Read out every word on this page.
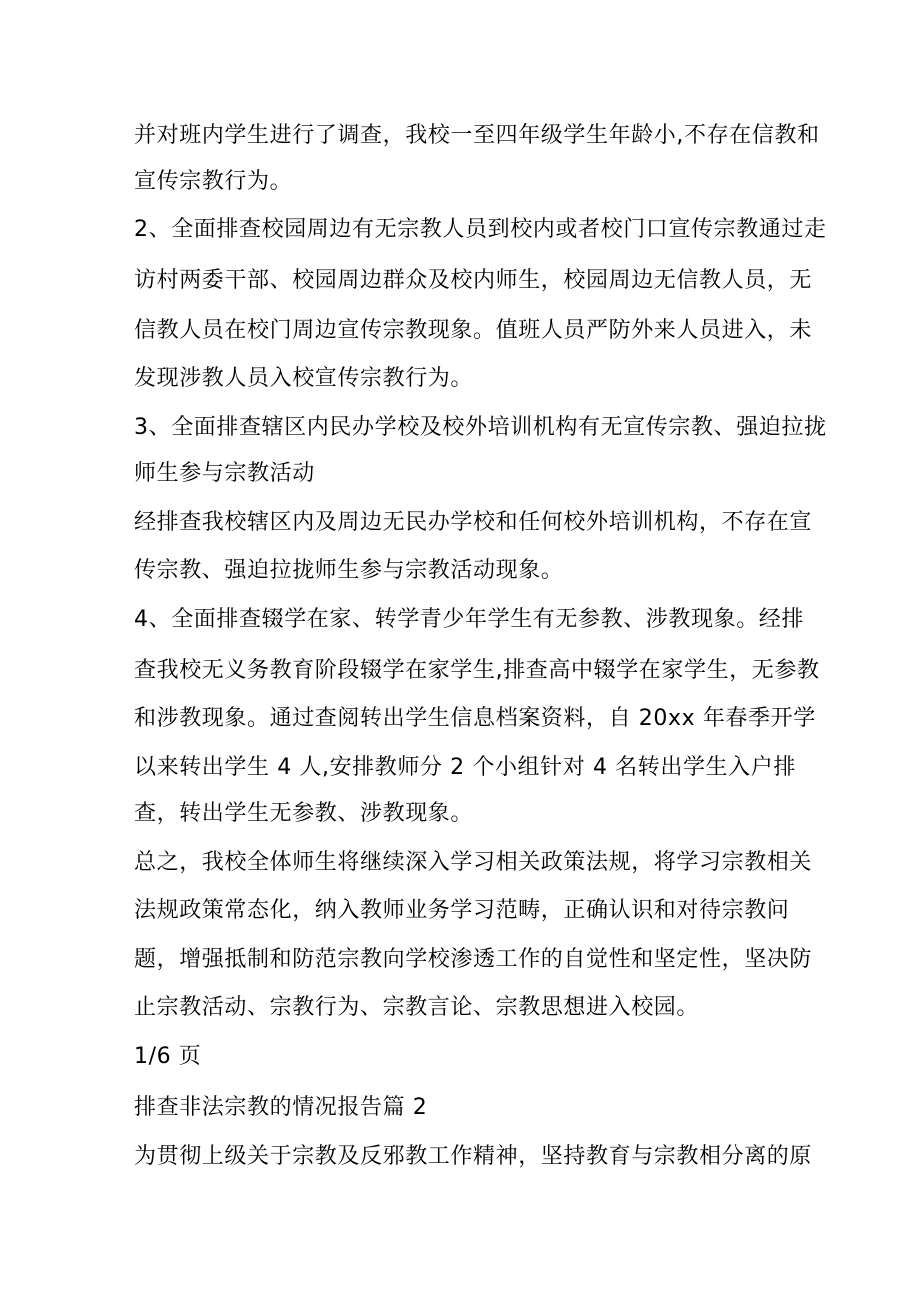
并对班内学生进行了调查，我校一至四年级学生年龄小,不存在信教和
宣传宗教行为。
2、全面排查校园周边有无宗教人员到校内或者校门口宣传宗教通过走
访村两委干部、校园周边群众及校内师生，校园周边无信教人员，无
信教人员在校门周边宣传宗教现象。值班人员严防外来人员进入，未
发现涉教人员入校宣传宗教行为。
3、全面排查辖区内民办学校及校外培训机构有无宣传宗教、强迫拉拢
师生参与宗教活动
经排查我校辖区内及周边无民办学校和任何校外培训机构，不存在宣
传宗教、强迫拉拢师生参与宗教活动现象。
4、全面排查辍学在家、转学青少年学生有无参教、涉教现象。经排
查我校无义务教育阶段辍学在家学生,排查高中辍学在家学生，无参教
和涉教现象。通过查阅转出学生信息档案资料，自 20xx 年春季开学
以来转出学生 4 人,安排教师分 2 个小组针对 4 名转出学生入户排
查，转出学生无参教、涉教现象。
总之，我校全体师生将继续深入学习相关政策法规，将学习宗教相关
法规政策常态化，纳入教师业务学习范畴，正确认识和对待宗教问
题，增强抵制和防范宗教向学校渗透工作的自觉性和坚定性，坚决防
止宗教活动、宗教行为、宗教言论、宗教思想进入校园。
1/6 页
排查非法宗教的情况报告篇 2
为贯彻上级关于宗教及反邪教工作精神，坚持教育与宗教相分离的原
